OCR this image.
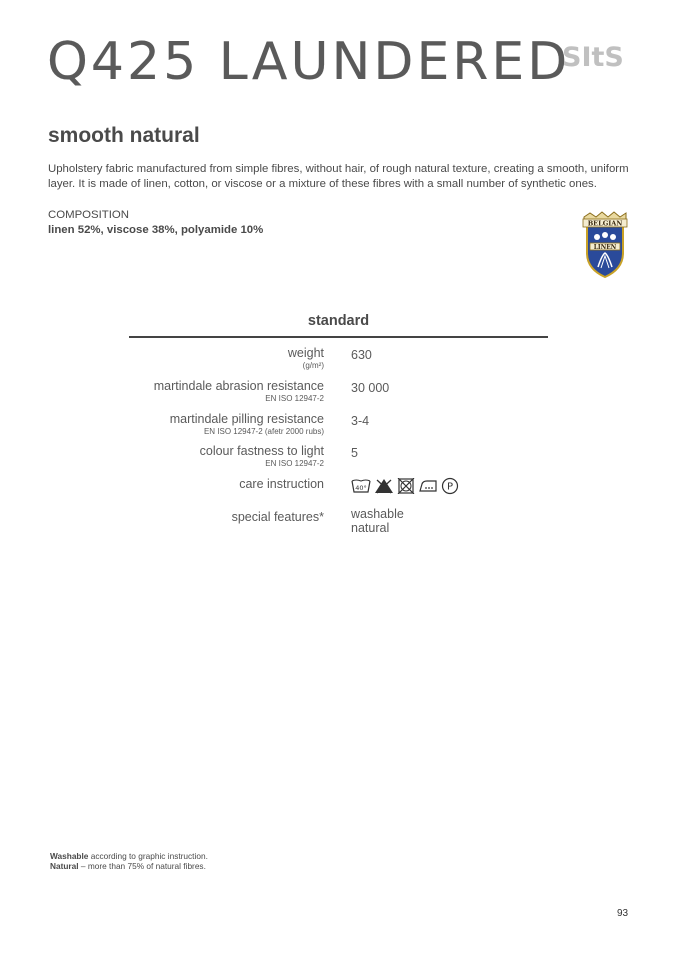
Q425 LAUNDERED
SItS
smooth natural

Upholstery fabric manufactured from simple fibres, without hair, of rough natural texture, creating a smooth, uniform layer. It is made of linen, cotton, or viscose or a mixture of these fibres with a small number of synthetic ones.

COMPOSITION
linen 52%, viscose 38%, polyamide 10%
BELGIAN
LINEN
standard
weight
(g/m²)
630
martindale abrasion resistance
EN ISO 12947-2
30 000
martindale pilling resistance
EN ISO 12947-2 (afetr 2000 rubs)
3-4
colour fastness to light
EN ISO 12947-2
5
care instruction	40°	P
special features* washable
natural
Washable according to graphic instruction.
Natural – more than 75% of natural fibres.
93
